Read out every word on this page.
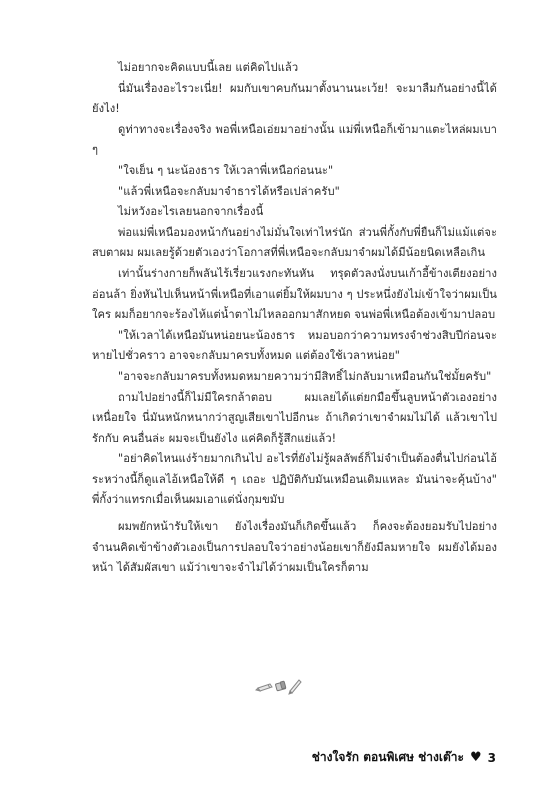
ไม่อยากจะคิดแบบนี้เลย แต่คิดไปแล้ว

นี่มันเรื่องอะไรวะเนี่ย! ผมกับเขาคบกันมาตั้งนานนะเว้ย! จะมาลืมกันอย่างนี้ได้ยังไง!

ดูท่าทางจะเรื่องจริง พอพี่เหนือเอ่ยมาอย่างนั้น แม่พี่เหนือก็เข้ามาแตะไหล่ผมเบา ๆ

"ใจเย็น ๆ นะน้องธาร ให้เวลาพี่เหนือก่อนนะ"

"แล้วพี่เหนือจะกลับมาจำธารได้หรือเปล่าครับ"

ไม่หวังอะไรเลยนอกจากเรื่องนี้

พ่อแม่พี่เหนือมองหน้ากันอย่างไม่มั่นใจเท่าไหร่นัก ส่วนพี่กั้งกับพี่ยืนก็ไม่แม้แต่จะสบตาผม ผมเลยรู้ด้วยตัวเองว่าโอกาสที่พี่เหนือจะกลับมาจำผมได้มีน้อยนิดเหลือเกิน

เท่านั้นร่างกายก็พลันไร้เรี่ยวแรงกะทันหัน ทรุดตัวลงนั่งบนเก้าอี้ข้างเตียงอย่างอ่อนล้า ยิ่งหันไปเห็นหน้าพี่เหนือที่เอาแต่ยิ้มให้ผมบาง ๆ ประหนึ่งยังไม่เข้าใจว่าผมเป็นใคร ผมก็อยากจะร้องไห้แต่น้ำตาไม่ไหลออกมาสักหยด จนพ่อพี่เหนือต้องเข้ามาปลอบ

"ให้เวลาได้เหนือมันหน่อยนะน้องธาร หมอบอกว่าความทรงจำช่วงสิบปีก่อนจะหายไปชั่วคราว อาจจะกลับมาครบทั้งหมด แต่ต้องใช้เวลาหน่อย"

"อาจจะกลับมาครบทั้งหมดหมายความว่ามีสิทธิ์ไม่กลับมาเหมือนกันใช่มั้ยครับ"

ถามไปอย่างนี้ก็ไม่มีใครกล้าตอบ ผมเลยได้แต่ยกมือขึ้นลูบหน้าตัวเองอย่างเหนื่อยใจ นี่มันหนักหนากว่าสูญเสียเขาไปอีกนะ ถ้าเกิดว่าเขาจำผมไม่ได้ แล้วเขาไปรักกับ คนอื่นล่ะ ผมจะเป็นยังไง แค่คิดก็รู้สึกแย่แล้ว!

"อย่าคิดไหนแง่ร้ายมากเกินไป อะไรที่ยังไม่รู้ผลลัพธ์ก็ไม่จำเป็นต้องตื่นไปก่อนไอ้ ระหว่างนี้ก็ดูแลไอ้เหนือให้ดี ๆ เถอะ ปฏิบัติกับมันเหมือนเดิมแหละ มันน่าจะคุ้นบ้าง" พี่กั้งว่าแทรกเมื่อเห็นผมเอาแต่นั่งกุมขมับ

ผมพยักหน้ารับให้เขา ยังไงเรื่องมันก็เกิดขึ้นแล้ว ก็คงจะต้องยอมรับไปอย่างจำนนคิดเข้าข้างตัวเองเป็นการปลอบใจว่าอย่างน้อยเขาก็ยังมีลมหายใจ ผมยังได้มองหน้า ได้สัมผัสเขา แม้ว่าเขาจะจำไม่ได้ว่าผมเป็นใครก็ตาม

ช่างใจรัก ตอนพิเศษ ช่างเต๊าะ ♥ 3
